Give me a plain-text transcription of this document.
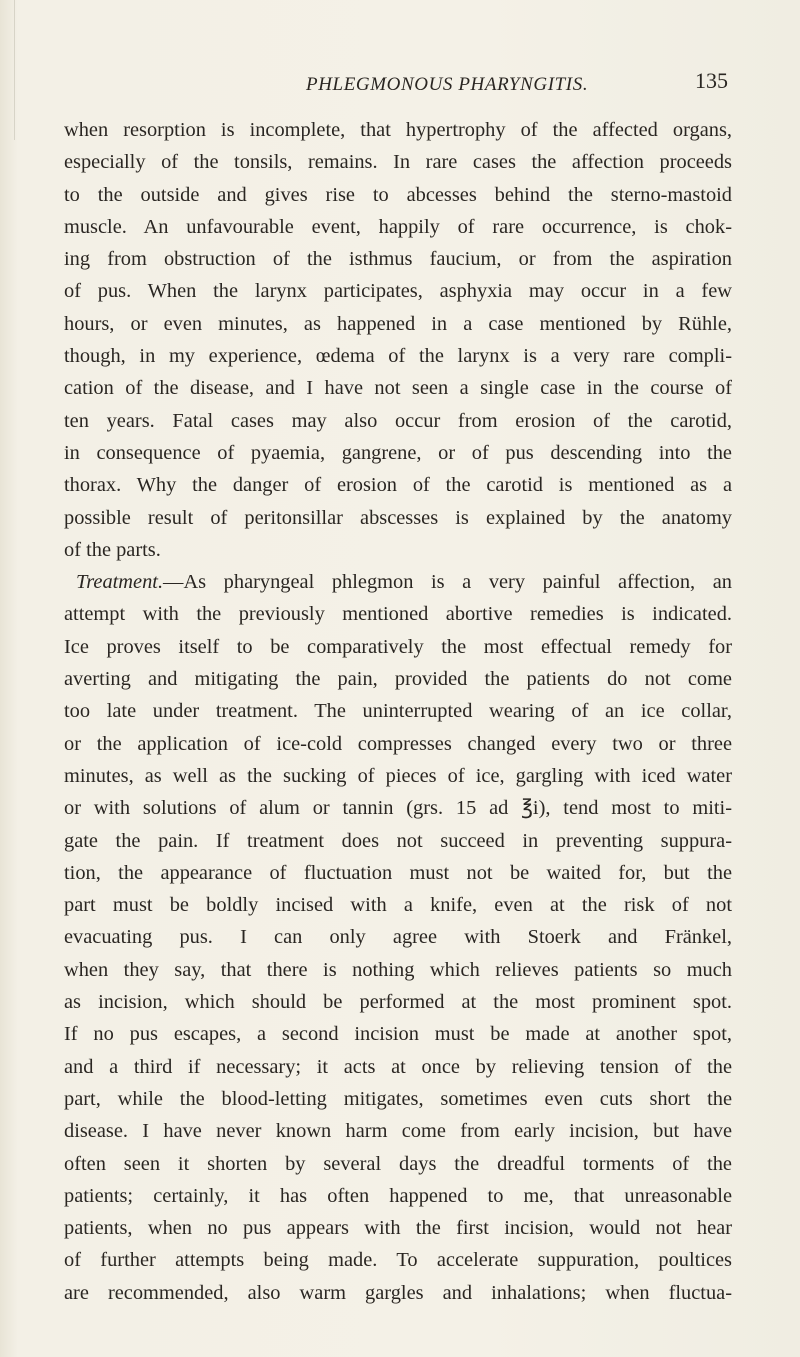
PHLEGMONOUS PHARYNGITIS.	135
when resorption is incomplete, that hypertrophy of the affected organs,
especially of the tonsils, remains. In rare cases the affection proceeds
to the outside and gives rise to abcesses behind the sterno-mastoid
muscle. An unfavourable event, happily of rare occurrence, is chok-
ing from obstruction of the isthmus faucium, or from the aspiration
of pus. When the larynx participates, asphyxia may occur in a few
hours, or even minutes, as happened in a case mentioned by Rühle,
though, in my experience, œdema of the larynx is a very rare compli-
cation of the disease, and I have not seen a single case in the course of
ten years. Fatal cases may also occur from erosion of the carotid,
in consequence of pyaemia, gangrene, or of pus descending into the
thorax. Why the danger of erosion of the carotid is mentioned as a
possible result of peritonsillar abscesses is explained by the anatomy
of the parts.
Treatment.—As pharyngeal phlegmon is a very painful affection, an
attempt with the previously mentioned abortive remedies is indicated.
Ice proves itself to be comparatively the most effectual remedy for
averting and mitigating the pain, provided the patients do not come
too late under treatment. The uninterrupted wearing of an ice collar,
or the application of ice-cold compresses changed every two or three
minutes, as well as the sucking of pieces of ice, gargling with iced water
or with solutions of alum or tannin (grs. 15 ad ℥i), tend most to miti-
gate the pain. If treatment does not succeed in preventing suppura-
tion, the appearance of fluctuation must not be waited for, but the
part must be boldly incised with a knife, even at the risk of not
evacuating pus. I can only agree with Stoerk and Fränkel,
when they say, that there is nothing which relieves patients so much
as incision, which should be performed at the most prominent spot.
If no pus escapes, a second incision must be made at another spot,
and a third if necessary; it acts at once by relieving tension of the
part, while the blood-letting mitigates, sometimes even cuts short the
disease. I have never known harm come from early incision, but have
often seen it shorten by several days the dreadful torments of the
patients; certainly, it has often happened to me, that unreasonable
patients, when no pus appears with the first incision, would not hear
of further attempts being made. To accelerate suppuration, poultices
are recommended, also warm gargles and inhalations; when fluctua-
